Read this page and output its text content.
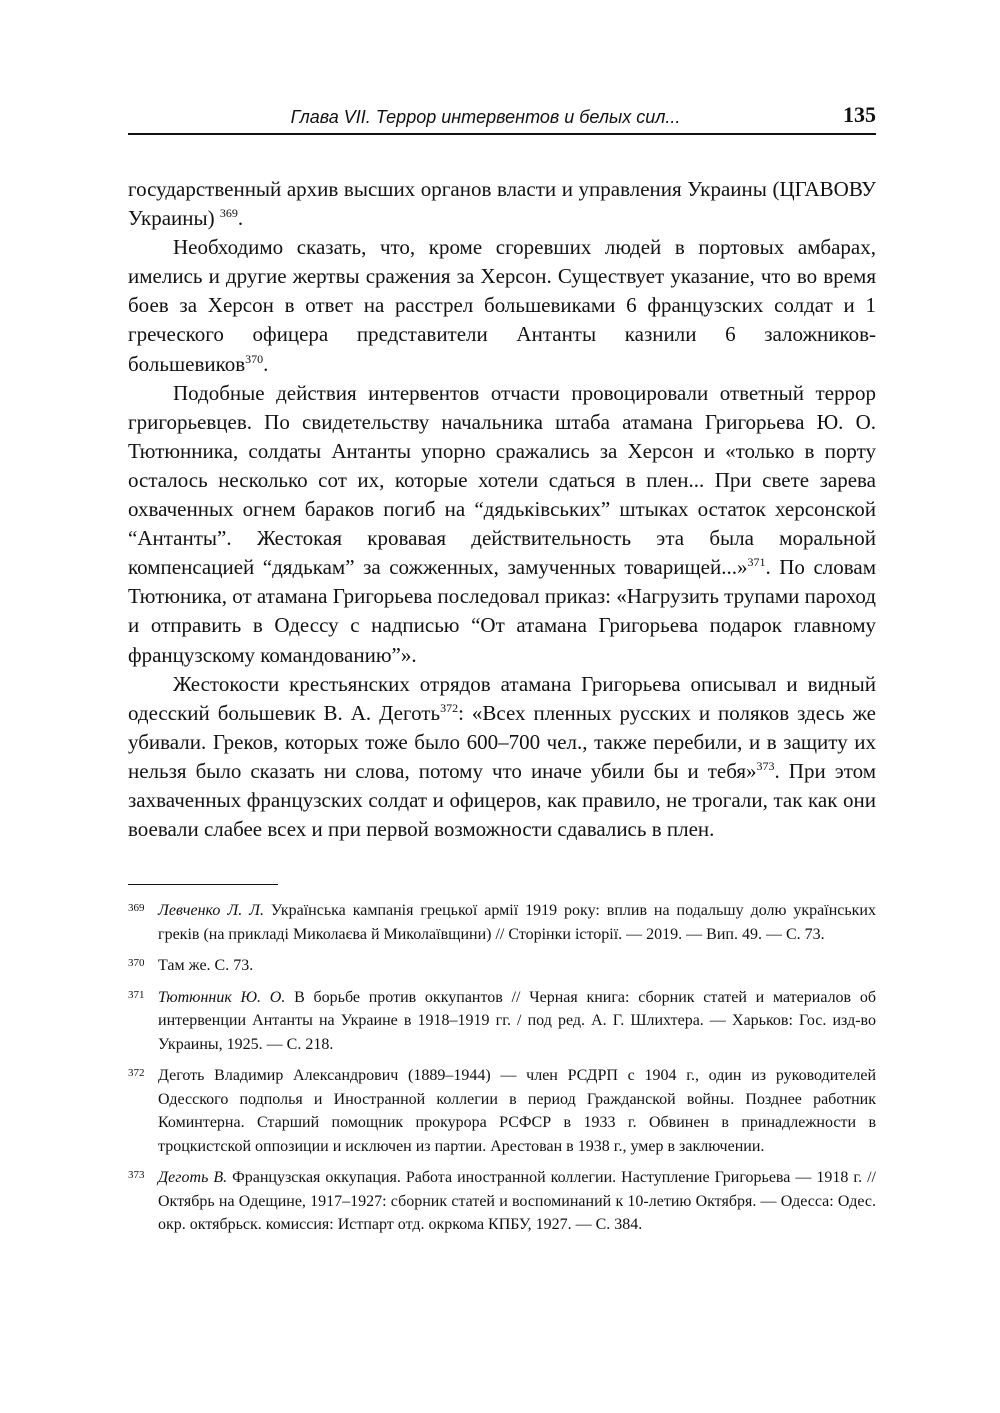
Глава VII. Террор интервентов и белых сил...	135

государственный архив высших органов власти и управления Украины (ЦГАВОВУ Украины) $^{369}$.

Необходимо сказать, что, кроме сгоревших людей в портовых амбарах, имелись и другие жертвы сражения за Херсон. Существует указание, что во время боев за Херсон в ответ на расстрел большевиками 6 французских солдат и 1 греческого офицера представители Антанты казнили 6 заложников-большевиков$^{370}$.

Подобные действия интервентов отчасти провоцировали ответный террор григорьевцев. По свидетельству начальника штаба атамана Григорьева Ю. О. Тютюнника, солдаты Антанты упорно сражались за Херсон и «только в порту осталось несколько сот их, которые хотели сдаться в плен... При свете зарева охваченных огнем бараков погиб на “дядьківських” штыках остаток херсонской “Антанты”. Жестокая кровавая действительность эта была моральной компенсацией “дядькам” за сожженных, замученных товарищей...»$^{371}$. По словам Тютюника, от атамана Григорьева последовал приказ: «Нагрузить трупами пароход и отправить в Одессу с надписью “От атамана Григорьева подарок главному французскому командованию”».

Жестокости крестьянских отрядов атамана Григорьева описывал и видный одесский большевик В. А. Деготь$^{372}$: «Всех пленных русских и поляков здесь же убивали. Греков, которых тоже было 600–700 чел., также перебили, и в защиту их нельзя было сказать ни слова, потому что иначе убили бы и тебя»$^{373}$. При этом захваченных французских солдат и офицеров, как правило, не трогали, так как они воевали слабее всех и при первой возможности сдавались в плен.

369 Левченко Л. Л. Українська кампанія грецької армії 1919 року: вплив на подальшу долю українських греків (на прикладі Миколаєва й Миколаївщини) // Сторінки історії. — 2019. — Вип. 49. — С. 73.
370 Там же. С. 73.
371 Тютюнник Ю. О. В борьбе против оккупантов // Черная книга: сборник статей и материалов об интервенции Антанты на Украине в 1918–1919 гг. / под ред. А. Г. Шлихтера. — Харьков: Гос. изд-во Украины, 1925. — С. 218.
372 Деготь Владимир Александрович (1889–1944) — член РСДРП с 1904 г., один из руководителей Одесского подполья и Иностранной коллегии в период Гражданской войны. Позднее работник Коминтерна. Старший помощник прокурора РСФСР в 1933 г. Обвинен в принадлежности в троцкистской оппозиции и исключен из партии. Арестован в 1938 г., умер в заключении.
373 Деготь В. Французская оккупация. Работа иностранной коллегии. Наступление Григорьева — 1918 г. // Октябрь на Одещине, 1917–1927: сборник статей и воспоминаний к 10-летию Октября. — Одесса: Одес. окр. октябрьск. комиссия: Истпарт отд. окркома КПБУ, 1927. — С. 384.
